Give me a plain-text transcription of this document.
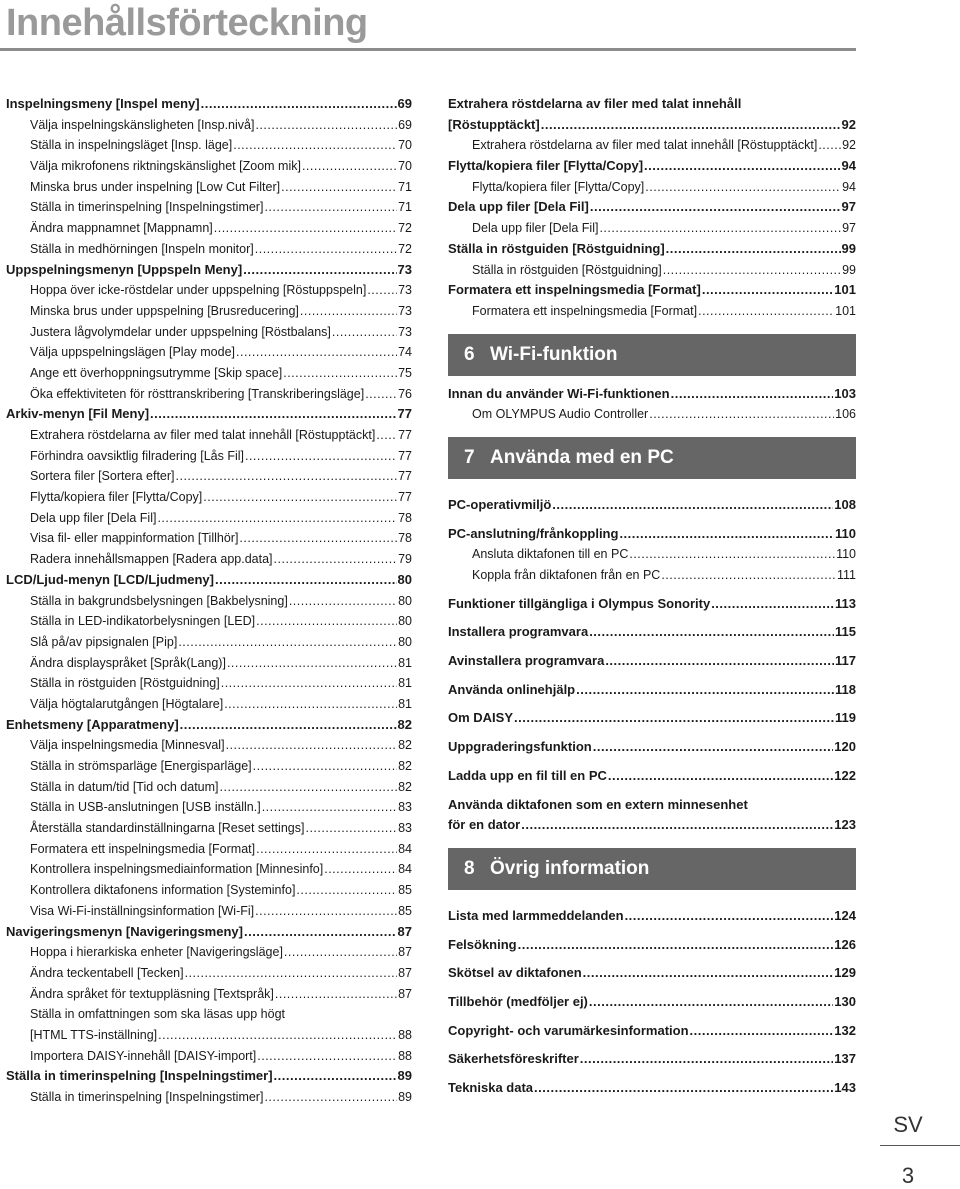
Innehållsförteckning
Inspelningsmeny [Inspel meny] .....	69
Välja inspelningskänsligheten [Insp.nivå] .....	69
Ställa in inspelningsläget [Insp. läge] .....	70
Välja mikrofonens riktningskänslighet [Zoom mik] .....	70
Minska brus under inspelning [Low Cut Filter] .....	71
Ställa in timerinspelning [Inspelningstimer] .....	71
Ändra mappnamnet [Mappnamn] .....	72
Ställa in medhörningen [Inspeln monitor] .....	72
Uppspelningsmenyn [Uppspeln Meny] .....	73
Hoppa över icke-röstdelar under uppspelning [Röstuppspeln] .....	73
Minska brus under uppspelning [Brusreducering] .....	73
Justera lågvolymdelar under uppspelning [Röstbalans] .....	73
Välja uppspelningslägen [Play mode] .....	74
Ange ett överhoppningsutrymme [Skip space] .....	75
Öka effektiviteten för rösttranskribering [Transkriberingsläge] .....	76
Arkiv-menyn [Fil Meny] .....	77
Extrahera röstdelarna av filer med talat innehåll [Röstupptäckt] ..... 77
Förhindra oavsiktlig filradering [Lås Fil] .....	77
Sortera filer [Sortera efter] .....	77
Flytta/kopiera filer [Flytta/Copy] .....	77
Dela upp filer [Dela Fil] .....	78
Visa fil- eller mappinformation [Tillhör] .....	78
Radera innehållsmappen [Radera app.data] .....	79
LCD/Ljud-menyn [LCD/Ljudmeny] .....	80
Ställa in bakgrundsbelysningen [Bakbelysning] .....	80
Ställa in LED-indikatorbelysningen [LED] .....	80
Slå på/av pipsignalen [Pip] .....	80
Ändra displayspråket [Språk(Lang)] .....	81
Ställa in röstguiden [Röstguidning] .....	81
Välja högtalarutgången [Högtalare] .....	81
Enhetsmeny [Apparatmeny] .....	82
Välja inspelningsmedia [Minnesval] .....	82
Ställa in strömsparläge [Energisparläge] .....	82
Ställa in datum/tid [Tid och datum] .....	82
Ställa in USB-anslutningen [USB inställn.] .....	83
Återställa standardinställningarna [Reset settings] .....	83
Formatera ett inspelningsmedia [Format] .....	84
Kontrollera inspelningsmediainformation [Minnesinfo] .....	84
Kontrollera diktafonens information [Systeminfo] .....	85
Visa Wi-Fi-inställningsinformation [Wi-Fi] .....	85
Navigeringsmenyn [Navigeringsmeny] .....	87
Hoppa i hierarkiska enheter [Navigeringsläge] .....	87
Ändra teckentabell [Tecken] .....	87
Ändra språket för textuppläsning [Textspråk] .....	87
Ställa in omfattningen som ska läsas upp högt
[HTML TTS-inställning] .....	88
Importera DAISY-innehåll [DAISY-import] .....	88
Ställa in timerinspelning [Inspelningstimer] .....	89
Ställa in timerinspelning [Inspelningstimer] .....	89
Extrahera röstdelarna av filer med talat innehåll
[Röstupptäckt] .....	92
Extrahera röstdelarna av filer med talat innehåll [Röstupptäckt] ..... 92
Flytta/kopiera filer [Flytta/Copy] .....	94
Flytta/kopiera filer [Flytta/Copy] .....	94
Dela upp filer [Dela Fil] .....	97
Dela upp filer [Dela Fil] .....	97
Ställa in röstguiden [Röstguidning] .....	99
Ställa in röstguiden [Röstguidning] .....	99
Formatera ett inspelningsmedia [Format] .....	101
Formatera ett inspelningsmedia [Format] .....	101
6 Wi-Fi-funktion
Innan du använder Wi-Fi-funktionen .....	103
Om OLYMPUS Audio Controller .....	106
7 Använda med en PC
PC-operativmiljö .....	108
PC-anslutning/frånkoppling .....	110
Ansluta diktafonen till en PC .....	110
Koppla från diktafonen från en PC .....	111
Funktioner tillgängliga i Olympus Sonority .....	113
Installera programvara .....	115
Avinstallera programvara .....	117
Använda onlinehjälp .....	118
Om DAISY .....	119
Uppgraderingsfunktion .....	120
Ladda upp en fil till en PC .....	122
Använda diktafonen som en extern minnesenhet
för en dator .....	123
8 Övrig information
Lista med larmmeddelanden .....	124
Felsökning .....	126
Skötsel av diktafonen .....	129
Tillbehör (medföljer ej) .....	130
Copyright- och varumärkesinformation .....	132
Säkerhetsföreskrifter .....	137
Tekniska data .....	143
SV
3
